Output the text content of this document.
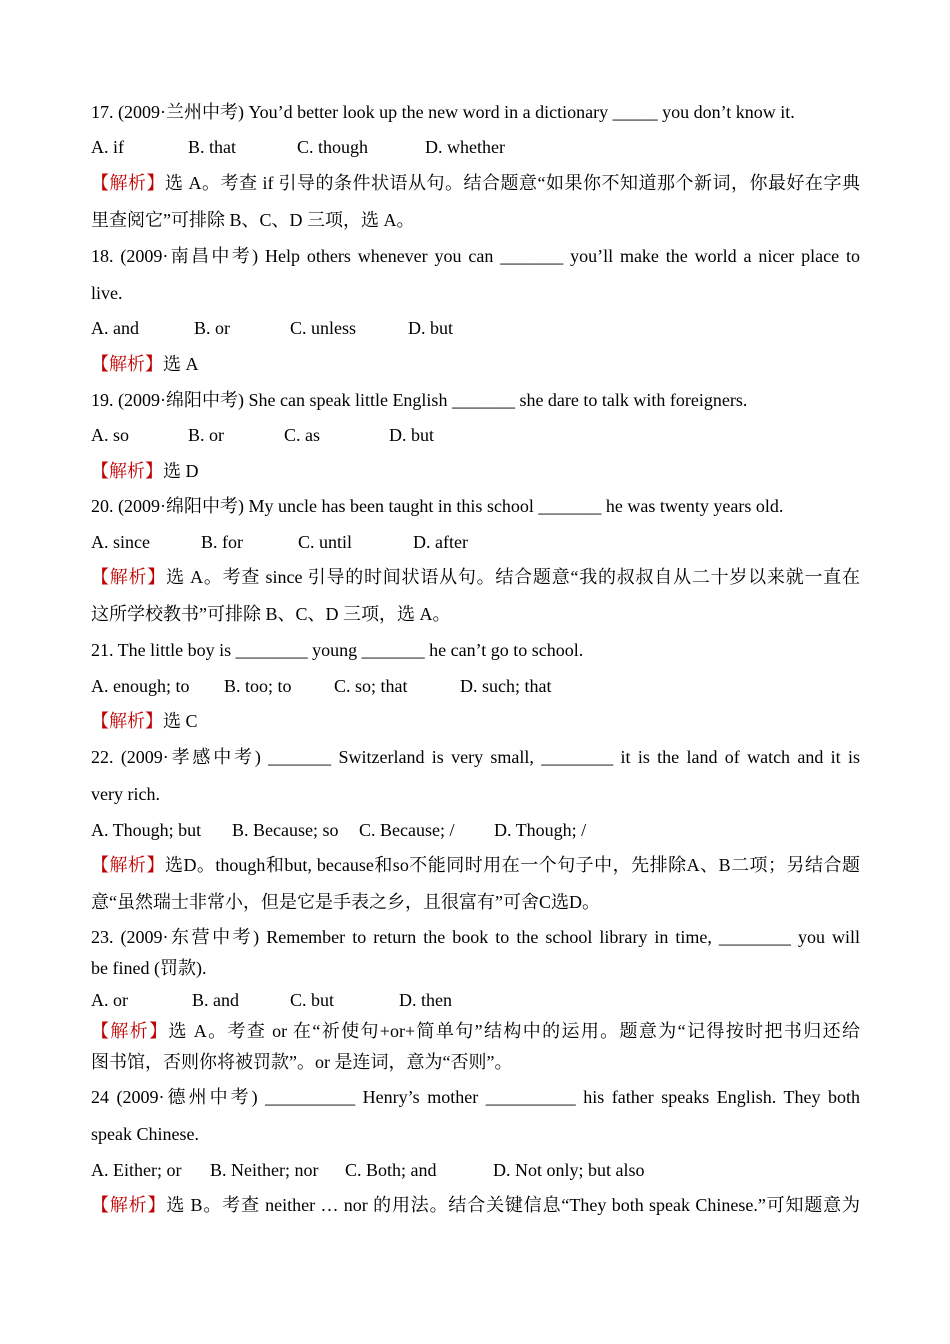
17. (2009·兰州中考) You’d better look up the new word in a dictionary _____ you don’t know it.
A. if	B. that	C. though	D. whether
【解析】选 A。考查 if 引导的条件状语从句。结合题意“如果你不知道那个新词，你最好在字典
里查阅它”可排除 B、C、D 三项，选 A。
18. (2009·南昌中考) Help others whenever you can _______ you’ll make the world a nicer place to
live.
A. and	B. or	C. unless	D. but
【解析】选 A
19. (2009·绵阳中考) She can speak little English _______ she dare to talk with foreigners.
A. so	B. or	C. as	D. but
【解析】选 D
20. (2009·绵阳中考) My uncle has been taught in this school _______ he was twenty years old.
A. since	B. for	C. until	D. after
【解析】选 A。考查 since 引导的时间状语从句。结合题意“我的叔叔自从二十岁以来就一直在
这所学校教书”可排除 B、C、D 三项，选 A。
21. The little boy is ________ young _______ he can’t go to school.
A. enough; to B. too; to C. so; that	D. such; that
【解析】选 C
22. (2009·孝感中考) _______ Switzerland is very small, ________ it is the land of watch and it is
very rich.
A. Though; but B. Because; so C. Because; / D. Though; /
【解析】选D。though和but, because和so不能同时用在一个句子中，先排除A、B二项；另结合题
意“虽然瑞士非常小，但是它是手表之乡，且很富有”可舍C选D。
23. (2009·东营中考) Remember to return the book to the school library in time, ________ you will
be fined (罚款).
A. or	B. and	C. but	D. then
【解析】选 A。考查 or 在“祈使句+or+简单句”结构中的运用。题意为“记得按时把书归还给
图书馆，否则你将被罚款”。or 是连词，意为“否则”。
24 (2009·德州中考) __________ Henry’s mother __________ his father speaks English. They both
speak Chinese.
A. Either; or B. Neither; nor C. Both; and	D. Not only; but also
【解析】选 B。考查 neither … nor 的用法。结合关键信息“They both speak Chinese.”可知题意为
